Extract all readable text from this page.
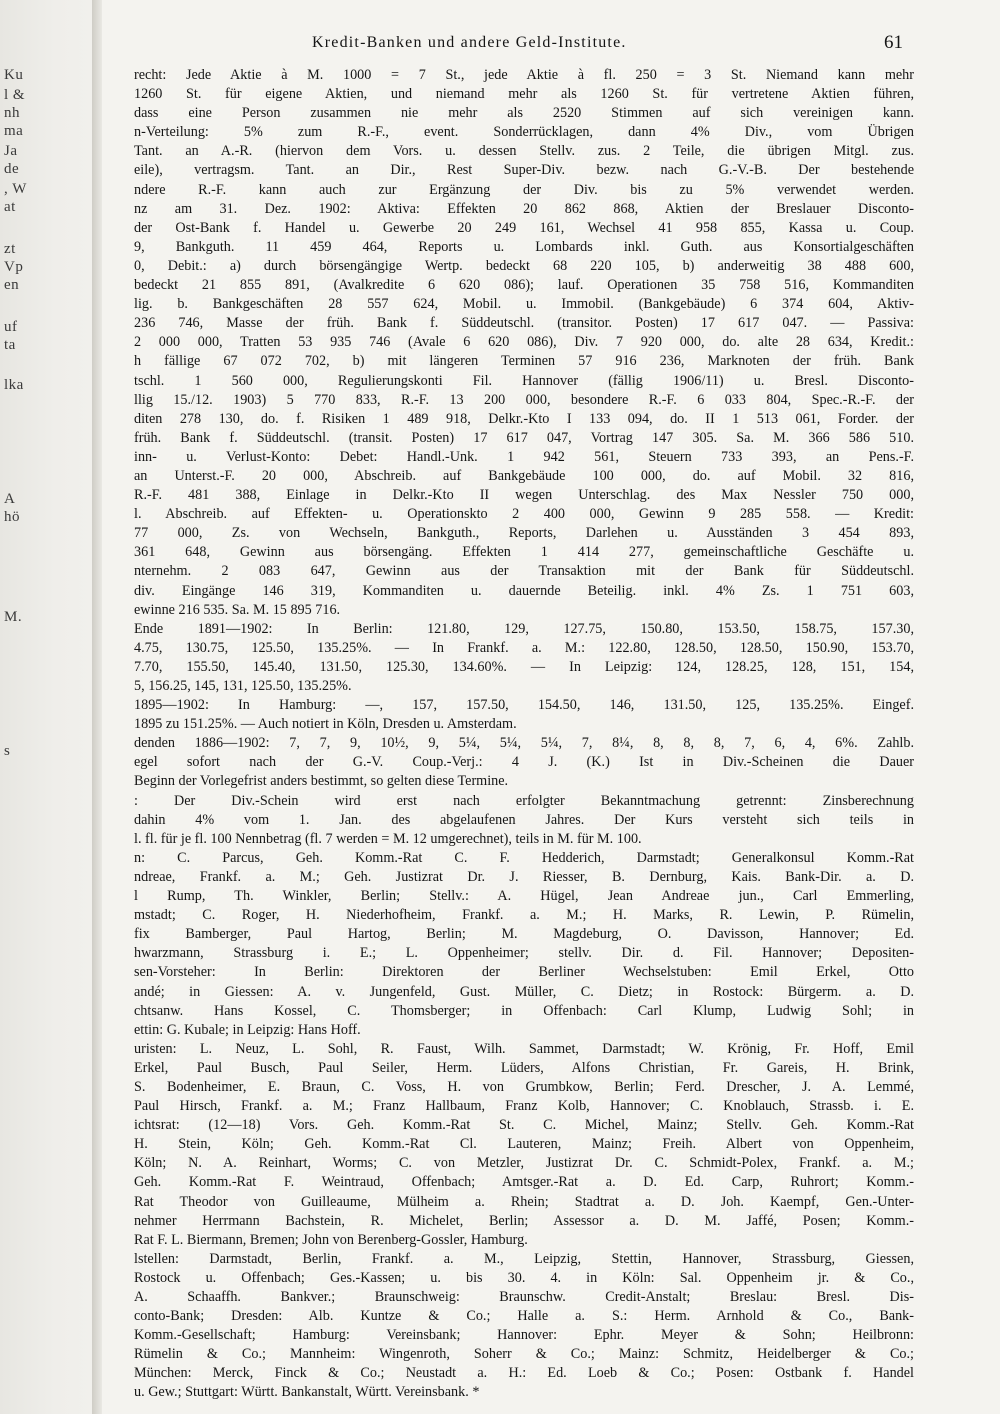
Ku
l &
nh
ma
Ja
de
, W
at
zt
Vp
en
uf
ta
lka
M.
s
A
hö
Kredit-Banken und andere Geld-Institute.	61
recht: Jede Aktie à M. 1000 = 7 St., jede Aktie à fl. 250 = 3 St. Niemand kann mehr
1260 St. für eigene Aktien, und niemand mehr als 1260 St. für vertretene Aktien führen,
dass eine Person zusammen nie mehr als 2520 Stimmen auf sich vereinigen kann.
n-Verteilung: 5% zum R.-F., event. Sonderrücklagen, dann 4% Div., vom Übrigen
Tant. an A.-R. (hiervon dem Vors. u. dessen Stellv. zus. 2 Teile, die übrigen Mitgl. zus.
eile), vertragsm. Tant. an Dir., Rest Super-Div. bezw. nach G.-V.-B. Der bestehende
ndere R.-F. kann auch zur Ergänzung der Div. bis zu 5% verwendet werden.
nz am 31. Dez. 1902: Aktiva: Effekten 20 862 868, Aktien der Breslauer Disconto-
der Ost-Bank f. Handel u. Gewerbe 20 249 161, Wechsel 41 958 855, Kassa u. Coup.
9, Bankguth. 11 459 464, Reports u. Lombards inkl. Guth. aus Konsortialgeschäften
0, Debit.: a) durch börsengängige Wertp. bedeckt 68 220 105, b) anderweitig 38 488 600,
bedeckt 21 855 891, (Avalkredite 6 620 086); lauf. Operationen 35 758 516, Kommanditen
lig. b. Bankgeschäften 28 557 624, Mobil. u. Immobil. (Bankgebäude) 6 374 604, Aktiv-
236 746, Masse der früh. Bank f. Süddeutschl. (transitor. Posten) 17 617 047. — Passiva:
2 000 000, Tratten 53 935 746 (Avale 6 620 086), Div. 7 920 000, do. alte 28 634, Kredit.:
h fällige 67 072 702, b) mit längeren Terminen 57 916 236, Marknoten der früh. Bank
tschl. 1 560 000, Regulierungskonti Fil. Hannover (fällig 1906/11) u. Bresl. Disconto-
llig 15./12. 1903) 5 770 833, R.-F. 13 200 000, besondere R.-F. 6 033 804, Spec.-R.-F. der
diten 278 130, do. f. Risiken 1 489 918, Delkr.-Kto I 133 094, do. II 1 513 061, Forder. der
früh. Bank f. Süddeutschl. (transit. Posten) 17 617 047, Vortrag 147 305. Sa. M. 366 586 510.
inn- u. Verlust-Konto: Debet: Handl.-Unk. 1 942 561, Steuern 733 393, an Pens.-F.
an Unterst.-F. 20 000, Abschreib. auf Bankgebäude 100 000, do. auf Mobil. 32 816,
R.-F. 481 388, Einlage in Delkr.-Kto II wegen Unterschlag. des Max Nessler 750 000,
l. Abschreib. auf Effekten- u. Operationskto 2 400 000, Gewinn 9 285 558. — Kredit:
77 000, Zs. von Wechseln, Bankguth., Reports, Darlehen u. Ausständen 3 454 893,
361 648, Gewinn aus börsengäng. Effekten 1 414 277, gemeinschaftliche Geschäfte u.
nternehm. 2 083 647, Gewinn aus der Transaktion mit der Bank für Süddeutschl.
div. Eingänge 146 319, Kommanditen u. dauernde Beteilig. inkl. 4% Zs. 1 751 603,
ewinne 216 535. Sa. M. 15 895 716.
Ende 1891—1902: In Berlin: 121.80, 129, 127.75, 150.80, 153.50, 158.75, 157.30,
4.75, 130.75, 125.50, 135.25%. — In Frankf. a. M.: 122.80, 128.50, 128.50, 150.90, 153.70,
7.70, 155.50, 145.40, 131.50, 125.30, 134.60%. — In Leipzig: 124, 128.25, 128, 151, 154,
5, 156.25, 145, 131, 125.50, 135.25%.
1895—1902: In Hamburg: —, 157, 157.50, 154.50, 146, 131.50, 125, 135.25%. Eingef.
1895 zu 151.25%. — Auch notiert in Köln, Dresden u. Amsterdam.
denden 1886—1902: 7, 7, 9, 10½, 9, 5¼, 5¼, 5¼, 7, 8¼, 8, 8, 8, 7, 6, 4, 6%. Zahlb.
egel sofort nach der G.-V. Coup.-Verj.: 4 J. (K.) Ist in Div.-Scheinen die Dauer
Beginn der Vorlegefrist anders bestimmt, so gelten diese Termine.
: Der Div.-Schein wird erst nach erfolgter Bekanntmachung getrennt: Zinsberechnung
dahin 4% vom 1. Jan. des abgelaufenen Jahres. Der Kurs versteht sich teils in
l. fl. für je fl. 100 Nennbetrag (fl. 7 werden = M. 12 umgerechnet), teils in M. für M. 100.
n: C. Parcus, Geh. Komm.-Rat C. F. Hedderich, Darmstadt; Generalkonsul Komm.-Rat
ndreae, Frankf. a. M.; Geh. Justizrat Dr. J. Riesser, B. Dernburg, Kais. Bank-Dir. a. D.
l Rump, Th. Winkler, Berlin; Stellv.: A. Hügel, Jean Andreae jun., Carl Emmerling,
mstadt; C. Roger, H. Niederhofheim, Frankf. a. M.; H. Marks, R. Lewin, P. Rümelin,
fix Bamberger, Paul Hartog, Berlin; M. Magdeburg, O. Davisson, Hannover; Ed.
hwarzmann, Strassburg i. E.; L. Oppenheimer; stellv. Dir. d. Fil. Hannover; Depositen-
sen-Vorsteher: In Berlin: Direktoren der Berliner Wechselstuben: Emil Erkel, Otto
andé; in Giessen: A. v. Jungenfeld, Gust. Müller, C. Dietz; in Rostock: Bürgerm. a. D.
chtsanw. Hans Kossel, C. Thomsberger; in Offenbach: Carl Klump, Ludwig Sohl; in
ettin: G. Kubale; in Leipzig: Hans Hoff.
uristen: L. Neuz, L. Sohl, R. Faust, Wilh. Sammet, Darmstadt; W. Krönig, Fr. Hoff, Emil
Erkel, Paul Busch, Paul Seiler, Herm. Lüders, Alfons Christian, Fr. Gareis, H. Brink,
S. Bodenheimer, E. Braun, C. Voss, H. von Grumbkow, Berlin; Ferd. Drescher, J. A. Lemmé,
Paul Hirsch, Frankf. a. M.; Franz Hallbaum, Franz Kolb, Hannover; C. Knoblauch, Strassb. i. E.
ichtsrat: (12—18) Vors. Geh. Komm.-Rat St. C. Michel, Mainz; Stellv. Geh. Komm.-Rat
H. Stein, Köln; Geh. Komm.-Rat Cl. Lauteren, Mainz; Freih. Albert von Oppenheim,
Köln; N. A. Reinhart, Worms; C. von Metzler, Justizrat Dr. C. Schmidt-Polex, Frankf. a. M.;
Geh. Komm.-Rat F. Weintraud, Offenbach; Amtsger.-Rat a. D. Ed. Carp, Ruhrort; Komm.-
Rat Theodor von Guilleaume, Mülheim a. Rhein; Stadtrat a. D. Joh. Kaempf, Gen.-Unter-
nehmer Herrmann Bachstein, R. Michelet, Berlin; Assessor a. D. M. Jaffé, Posen; Komm.-
Rat F. L. Biermann, Bremen; John von Berenberg-Gossler, Hamburg.
lstellen: Darmstadt, Berlin, Frankf. a. M., Leipzig, Stettin, Hannover, Strassburg, Giessen,
Rostock u. Offenbach; Ges.-Kassen; u. bis 30. 4. in Köln: Sal. Oppenheim jr. & Co.,
A. Schaaffh. Bankver.; Braunschweig: Braunschw. Credit-Anstalt; Breslau: Bresl. Dis-
conto-Bank; Dresden: Alb. Kuntze & Co.; Halle a. S.: Herm. Arnhold & Co., Bank-
Komm.-Gesellschaft; Hamburg: Vereinsbank; Hannover: Ephr. Meyer & Sohn; Heilbronn:
Rümelin & Co.; Mannheim: Wingenroth, Soherr & Co.; Mainz: Schmitz, Heidelberger & Co.;
München: Merck, Finck & Co.; Neustadt a. H.: Ed. Loeb & Co.; Posen: Ostbank f. Handel
u. Gew.; Stuttgart: Württ. Bankanstalt, Württ. Vereinsbank. *
